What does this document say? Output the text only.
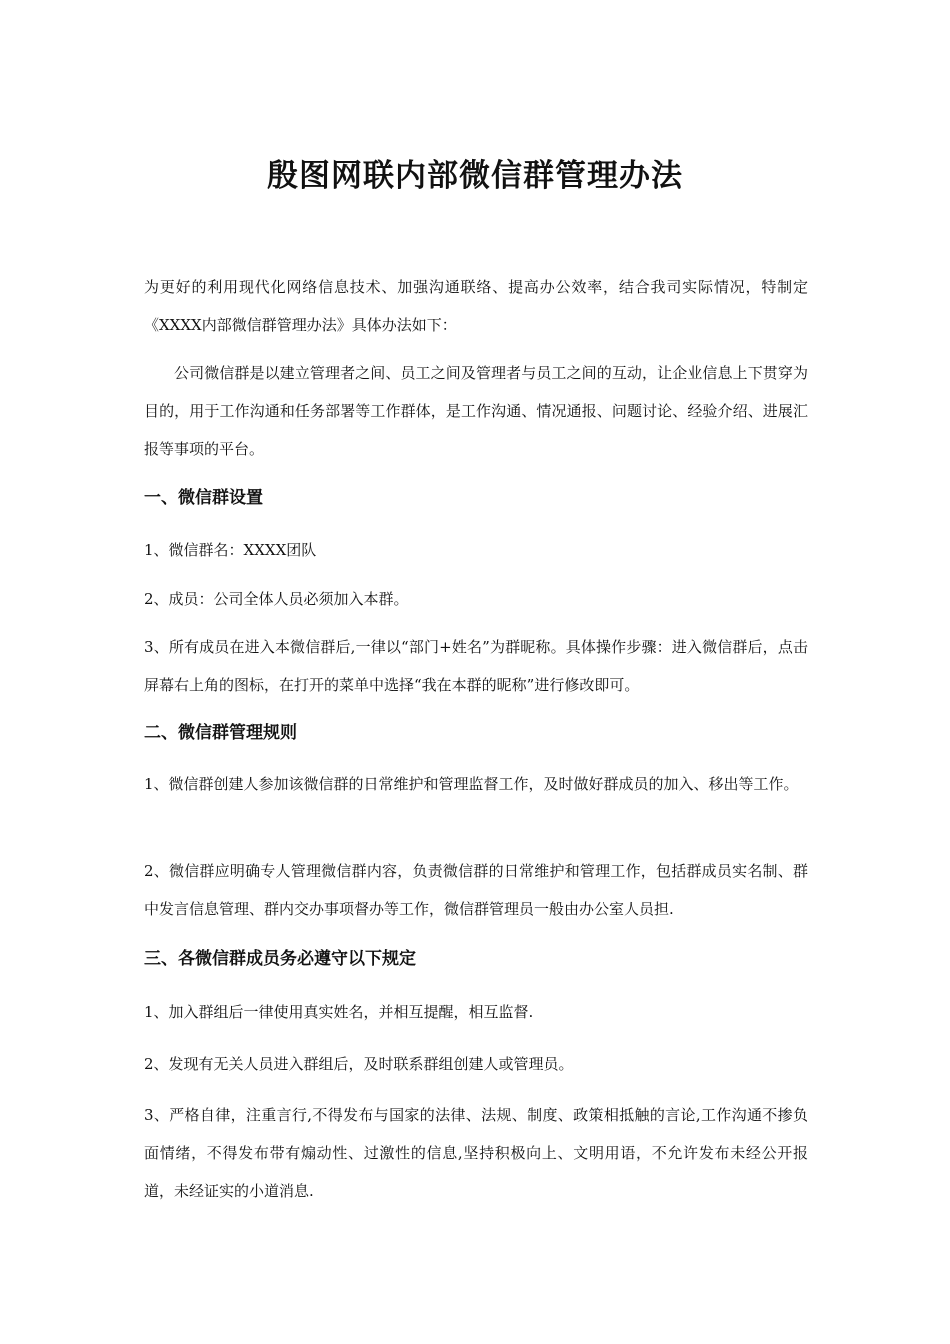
殷图网联内部微信群管理办法

为更好的利用现代化网络信息技术、加强沟通联络、提高办公效率，结合我司实际情况，特制定《XXXX内部微信群管理办法》具体办法如下：

公司微信群是以建立管理者之间、员工之间及管理者与员工之间的互动，让企业信息上下贯穿为目的，用于工作沟通和任务部署等工作群体，是工作沟通、情况通报、问题讨论、经验介绍、进展汇报等事项的平台。

一、微信群设置

1、微信群名：XXXX团队

2、成员：公司全体人员必须加入本群。

3、所有成员在进入本微信群后,一律以“部门+姓名”为群昵称。具体操作步骤：进入微信群后，点击屏幕右上角的图标，在打开的菜单中选择“我在本群的昵称”进行修改即可。

二、微信群管理规则

1、微信群创建人参加该微信群的日常维护和管理监督工作，及时做好群成员的加入、移出等工作。

2、微信群应明确专人管理微信群内容，负责微信群的日常维护和管理工作，包括群成员实名制、群中发言信息管理、群内交办事项督办等工作，微信群管理员一般由办公室人员担.

三、各微信群成员务必遵守以下规定

1、加入群组后一律使用真实姓名，并相互提醒，相互监督.

2、发现有无关人员进入群组后，及时联系群组创建人或管理员。

3、严格自律，注重言行,不得发布与国家的法律、法规、制度、政策相抵触的言论,工作沟通不掺负面情绪，不得发布带有煽动性、过激性的信息,坚持积极向上、文明用语，不允许发布未经公开报道，未经证实的小道消息.
